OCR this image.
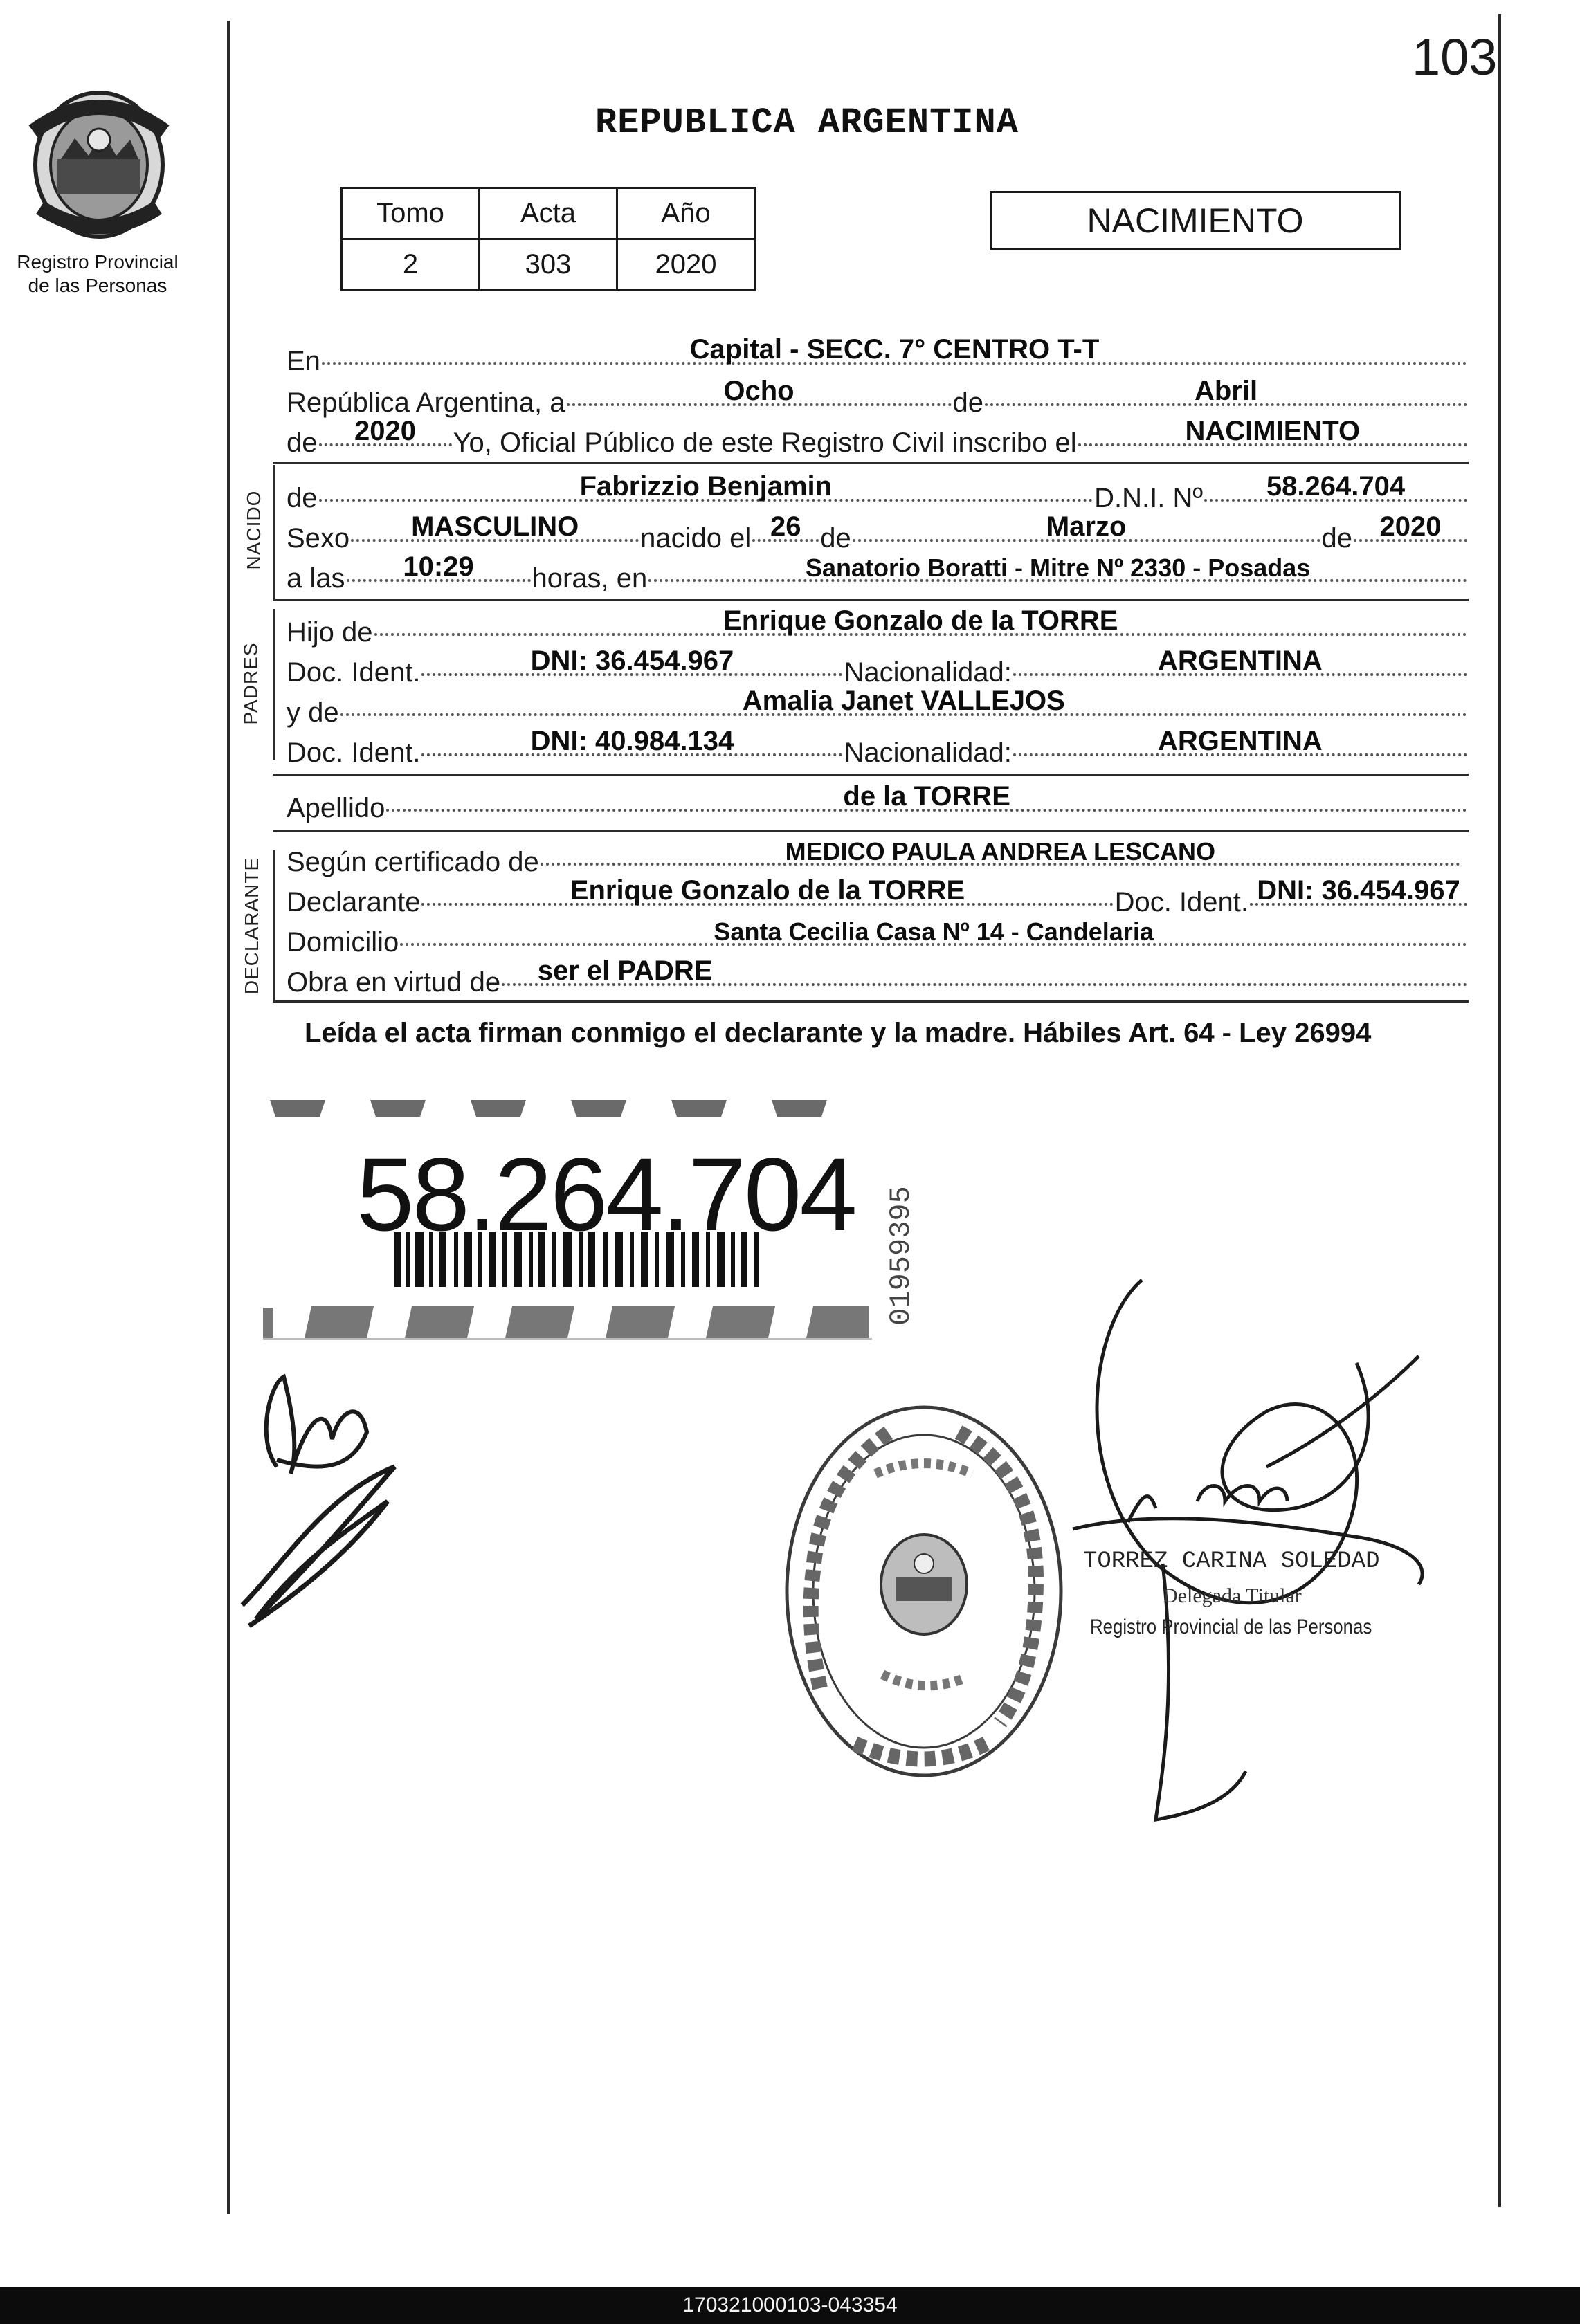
103
Registro Provincial
de las Personas
REPUBLICA ARGENTINA
Tomo	Acta	Año
2	303	2020
NACIMIENTO
En	Capital - SECC. 7° CENTRO T-T
República Argentina, a	Ocho	de	Abril
de	2020	Yo, Oficial Público de este Registro Civil inscribo el	NACIMIENTO
NACIDO de	Fabrizzio Benjamin	D.N.I. Nº	58.264.704
Sexo	MASCULINO	nacido el 26 de	Marzo	de 2020
a las	10:29	horas, en	Sanatorio Boratti - Mitre Nº 2330 - Posadas
PADRES
Hijo de	Enrique Gonzalo de la TORRE
Doc. Ident.	DNI: 36.454.967	Nacionalidad:	ARGENTINA
y de	Amalia Janet VALLEJOS
Doc. Ident.	DNI: 40.984.134	Nacionalidad:	ARGENTINA
Apellido	de la TORRE
DECLARANTE Según certificado de	MEDICO PAULA ANDREA LESCANO
Declarante	Enrique Gonzalo de la TORRE	Doc. Ident. DNI: 36.454.967
Domicilio	Santa Cecilia Casa Nº 14 - Candelaria
Obra en virtud de	ser el PADRE
Leída el acta firman conmigo el declarante y la madre. Hábiles Art. 64 - Ley 26994
58.264.704 01959395
TORREZ CARINA SOLEDAD
Delegada Titular
Registro Provincial de las Personas
170321000103-043354
